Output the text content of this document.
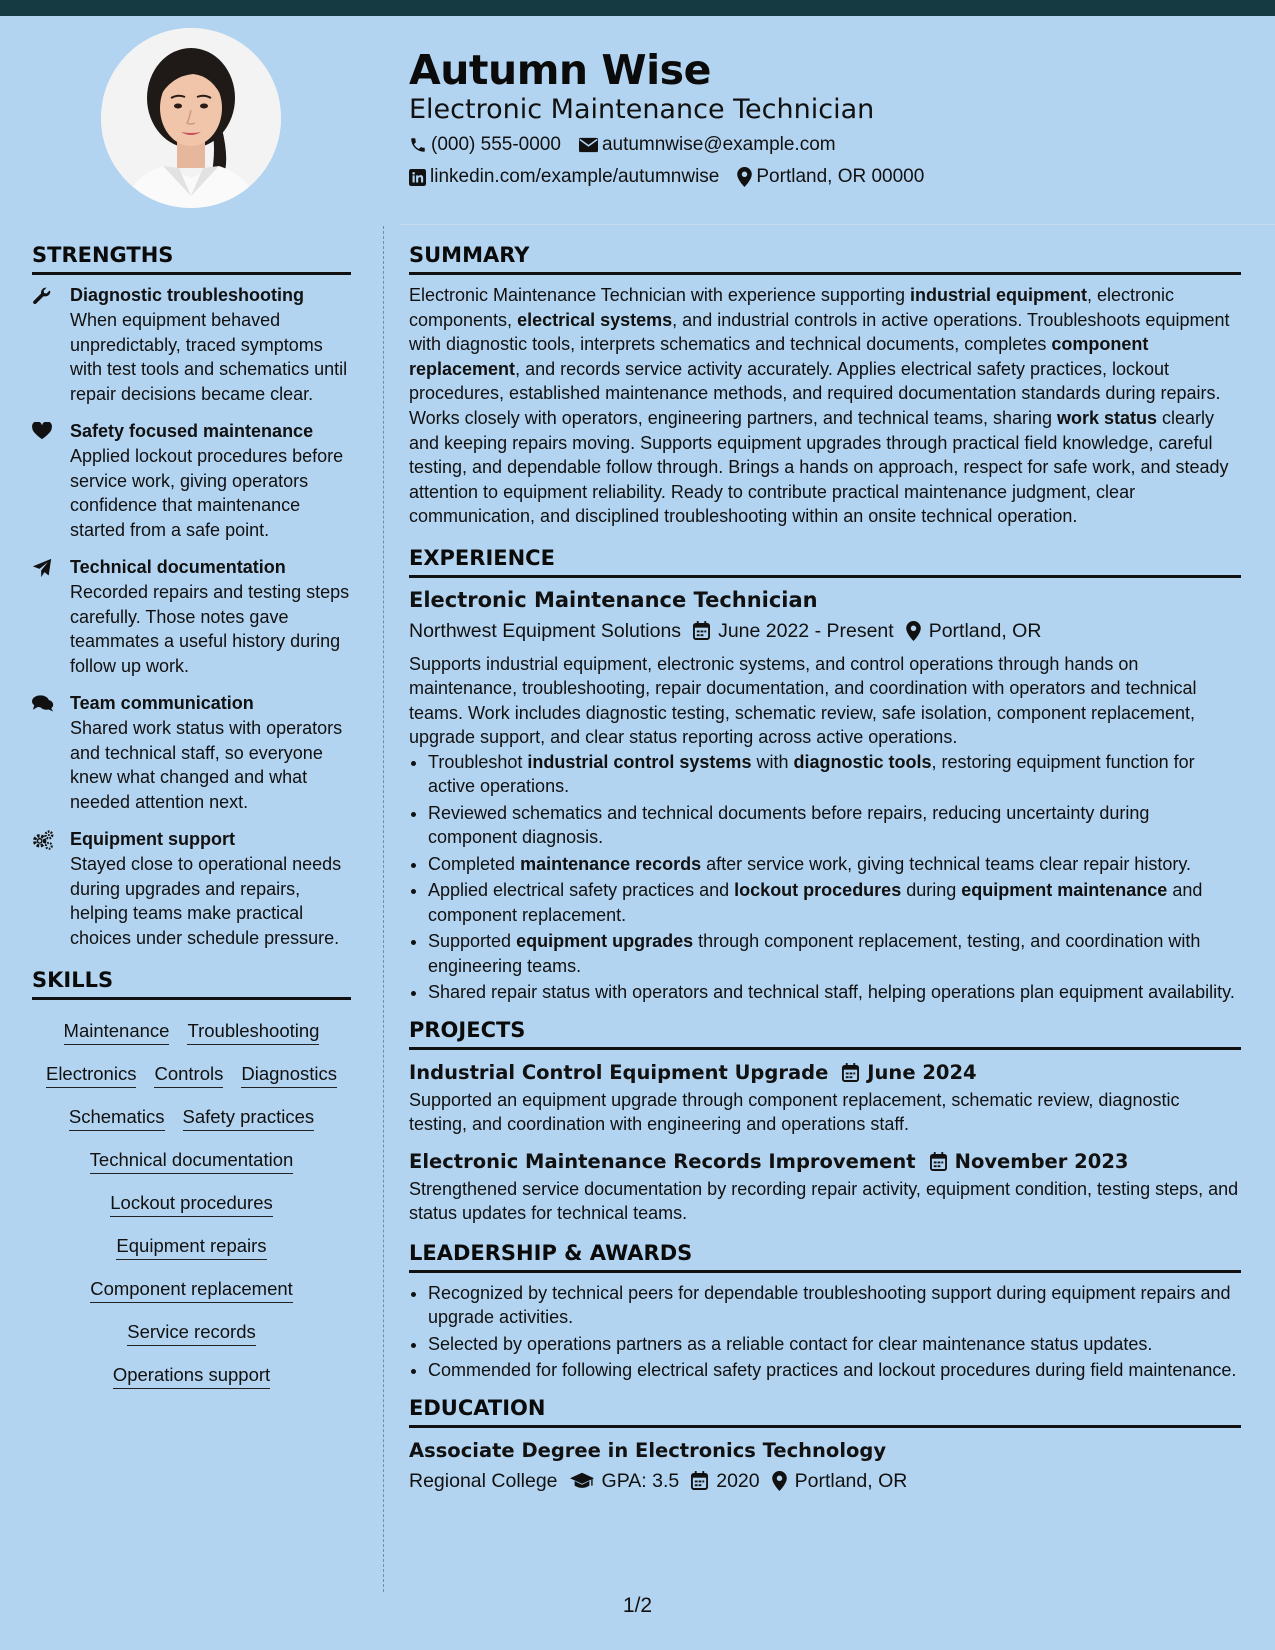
Autumn Wise
Electronic Maintenance Technician
(000) 555-0000 autumnwise@example.com
linkedin.com/example/autumnwise Portland, OR 00000
STRENGTHS
Diagnostic troubleshooting
When equipment behaved unpredictably, traced symptoms with test tools and schematics until repair decisions became clear.
Safety focused maintenance
Applied lockout procedures before service work, giving operators confidence that maintenance started from a safe point.
Technical documentation
Recorded repairs and testing steps carefully. Those notes gave teammates a useful history during follow up work.
Team communication
Shared work status with operators and technical staff, so everyone knew what changed and what needed attention next.
Equipment support
Stayed close to operational needs during upgrades and repairs, helping teams make practical choices under schedule pressure.
SKILLS
Maintenance Troubleshooting
Electronics Controls Diagnostics
Schematics Safety practices
Technical documentation
Lockout procedures
Equipment repairs
Component replacement
Service records
Operations support
SUMMARY
Electronic Maintenance Technician with experience supporting industrial equipment, electronic components, electrical systems, and industrial controls in active operations. Troubleshoots equipment with diagnostic tools, interprets schematics and technical documents, completes component replacement, and records service activity accurately. Applies electrical safety practices, lockout procedures, established maintenance methods, and required documentation standards during repairs. Works closely with operators, engineering partners, and technical teams, sharing work status clearly and keeping repairs moving. Supports equipment upgrades through practical field knowledge, careful testing, and dependable follow through. Brings a hands on approach, respect for safe work, and steady attention to equipment reliability. Ready to contribute practical maintenance judgment, clear communication, and disciplined troubleshooting within an onsite technical operation.
EXPERIENCE
Electronic Maintenance Technician
Northwest Equipment Solutions June 2022 - Present Portland, OR
Supports industrial equipment, electronic systems, and control operations through hands on maintenance, troubleshooting, repair documentation, and coordination with operators and technical teams. Work includes diagnostic testing, schematic review, safe isolation, component replacement, upgrade support, and clear status reporting across active operations.
• Troubleshot industrial control systems with diagnostic tools, restoring equipment function for active operations.
• Reviewed schematics and technical documents before repairs, reducing uncertainty during component diagnosis.
• Completed maintenance records after service work, giving technical teams clear repair history.
• Applied electrical safety practices and lockout procedures during equipment maintenance and component replacement.
• Supported equipment upgrades through component replacement, testing, and coordination with engineering teams.
• Shared repair status with operators and technical staff, helping operations plan equipment availability.
PROJECTS
Industrial Control Equipment Upgrade June 2024
Supported an equipment upgrade through component replacement, schematic review, diagnostic testing, and coordination with engineering and operations staff.
Electronic Maintenance Records Improvement November 2023
Strengthened service documentation by recording repair activity, equipment condition, testing steps, and status updates for technical teams.
LEADERSHIP & AWARDS
• Recognized by technical peers for dependable troubleshooting support during equipment repairs and upgrade activities.
• Selected by operations partners as a reliable contact for clear maintenance status updates.
• Commended for following electrical safety practices and lockout procedures during field maintenance.
EDUCATION
Associate Degree in Electronics Technology
Regional College GPA: 3.5 2020 Portland, OR
1/2
